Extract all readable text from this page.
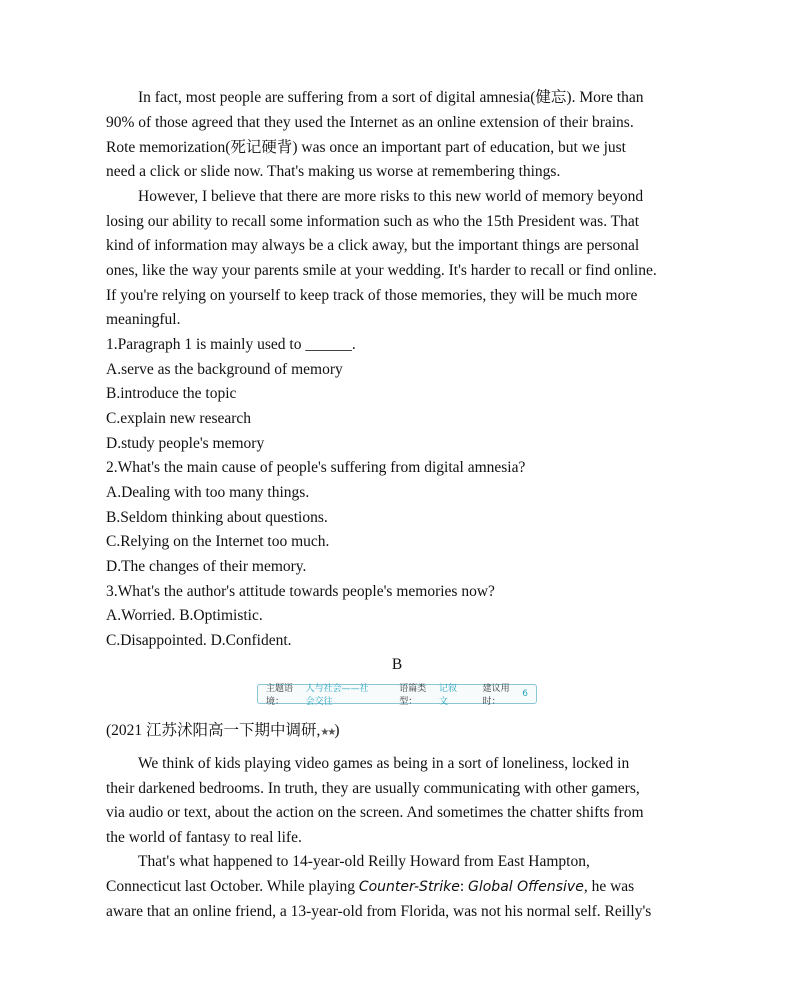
In fact, most people are suffering from a sort of digital amnesia(健忘). More than
90% of those agreed that they used the Internet as an online extension of their brains.
Rote memorization(死记硬背) was once an important part of education, but we just
need a click or slide now. That's making us worse at remembering things.
However, I believe that there are more risks to this new world of memory beyond
losing our ability to recall some information such as who the 15th President was. That
kind of information may always be a click away, but the important things are personal
ones, like the way your parents smile at your wedding. It's harder to recall or find online.
If you're relying on yourself to keep track of those memories, they will be much more
meaningful.
1.Paragraph 1 is mainly used to ______.
A.serve as the background of memory
B.introduce the topic
C.explain new research
D.study people's memory
2.What's the main cause of people's suffering from digital amnesia?
A.Dealing with too many things.
B.Seldom thinking about questions.
C.Relying on the Internet too much.
D.The changes of their memory.
3.What's the author's attitude towards people's memories now?
A.Worried. B.Optimistic.
C.Disappointed. D.Confident.
B
主题语境：
人与社会——社会交往
语篇类型：
记叙文
建议用时：
6
(2021 江苏沭阳高一下期中调研,★★)
We think of kids playing video games as being in a sort of loneliness, locked in
their darkened bedrooms. In truth, they are usually communicating with other gamers,
via audio or text, about the action on the screen. And sometimes the chatter shifts from
the world of fantasy to real life.
That's what happened to 14-year-old Reilly Howard from East Hampton,
Connecticut last October. While playing Counter-Strike: Global Offensive, he was
aware that an online friend, a 13-year-old from Florida, was not his normal self. Reilly's
